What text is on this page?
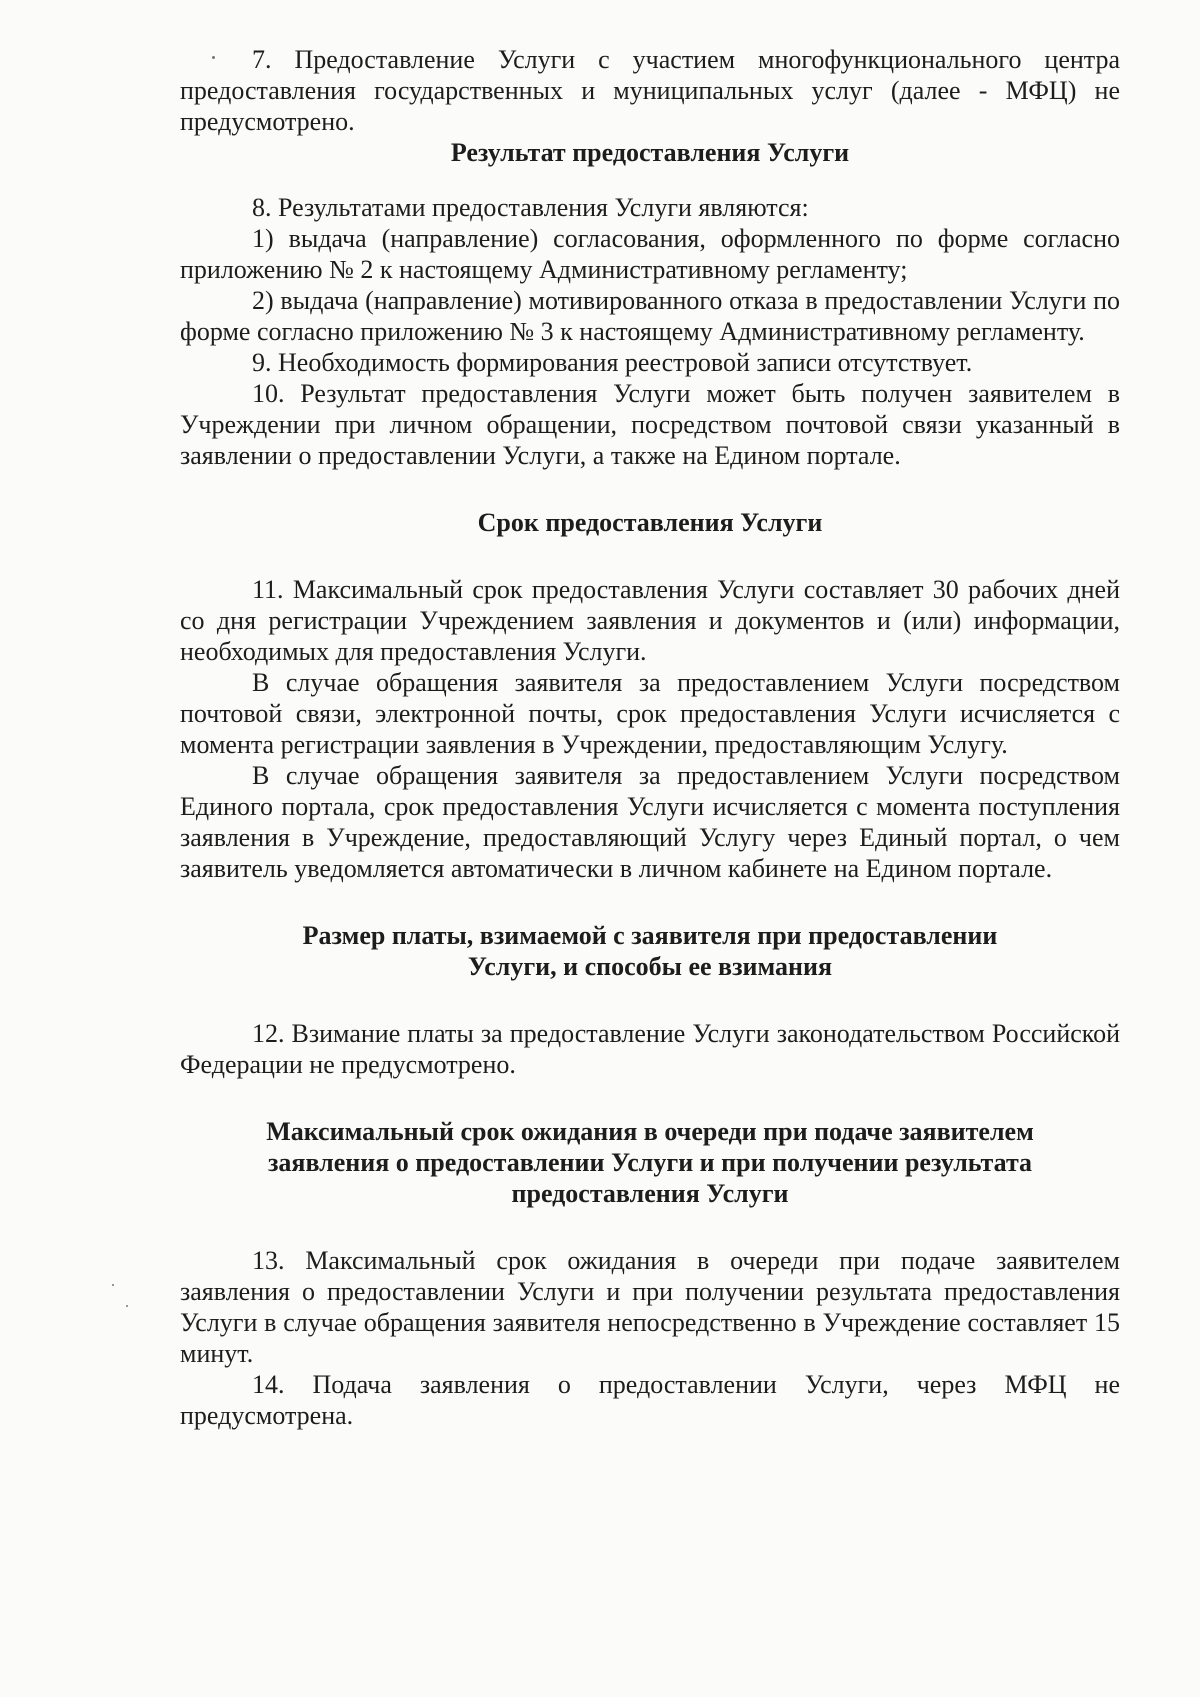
7. Предоставление Услуги с участием многофункционального центра предоставления государственных и муниципальных услуг (далее - МФЦ) не предусмотрено.

Результат предоставления Услуги

8. Результатами предоставления Услуги являются:

1) выдача (направление) согласования, оформленного по форме согласно приложению № 2 к настоящему Административному регламенту;

2) выдача (направление) мотивированного отказа в предоставлении Услуги по форме согласно приложению № 3 к настоящему Административному регламенту.

9. Необходимость формирования реестровой записи отсутствует.

10. Результат предоставления Услуги может быть получен заявителем в Учреждении при личном обращении, посредством почтовой связи указанный в заявлении о предоставлении Услуги, а также на Едином портале.

Срок предоставления Услуги

11. Максимальный срок предоставления Услуги составляет 30 рабочих дней со дня регистрации Учреждением заявления и документов и (или) информации, необходимых для предоставления Услуги.

В случае обращения заявителя за предоставлением Услуги посредством почтовой связи, электронной почты, срок предоставления Услуги исчисляется с момента регистрации заявления в Учреждении, предоставляющим Услугу.

В случае обращения заявителя за предоставлением Услуги посредством Единого портала, срок предоставления Услуги исчисляется с момента поступления заявления в Учреждение, предоставляющий Услугу через Единый портал, о чем заявитель уведомляется автоматически в личном кабинете на Едином портале.

Размер платы, взимаемой с заявителя при предоставлении Услуги, и способы ее взимания

12. Взимание платы за предоставление Услуги законодательством Российской Федерации не предусмотрено.

Максимальный срок ожидания в очереди при подаче заявителем заявления о предоставлении Услуги и при получении результата предоставления Услуги

13. Максимальный срок ожидания в очереди при подаче заявителем заявления о предоставлении Услуги и при получении результата предоставления Услуги в случае обращения заявителя непосредственно в Учреждение составляет 15 минут.

14. Подача заявления о предоставлении Услуги, через МФЦ не предусмотрена.
